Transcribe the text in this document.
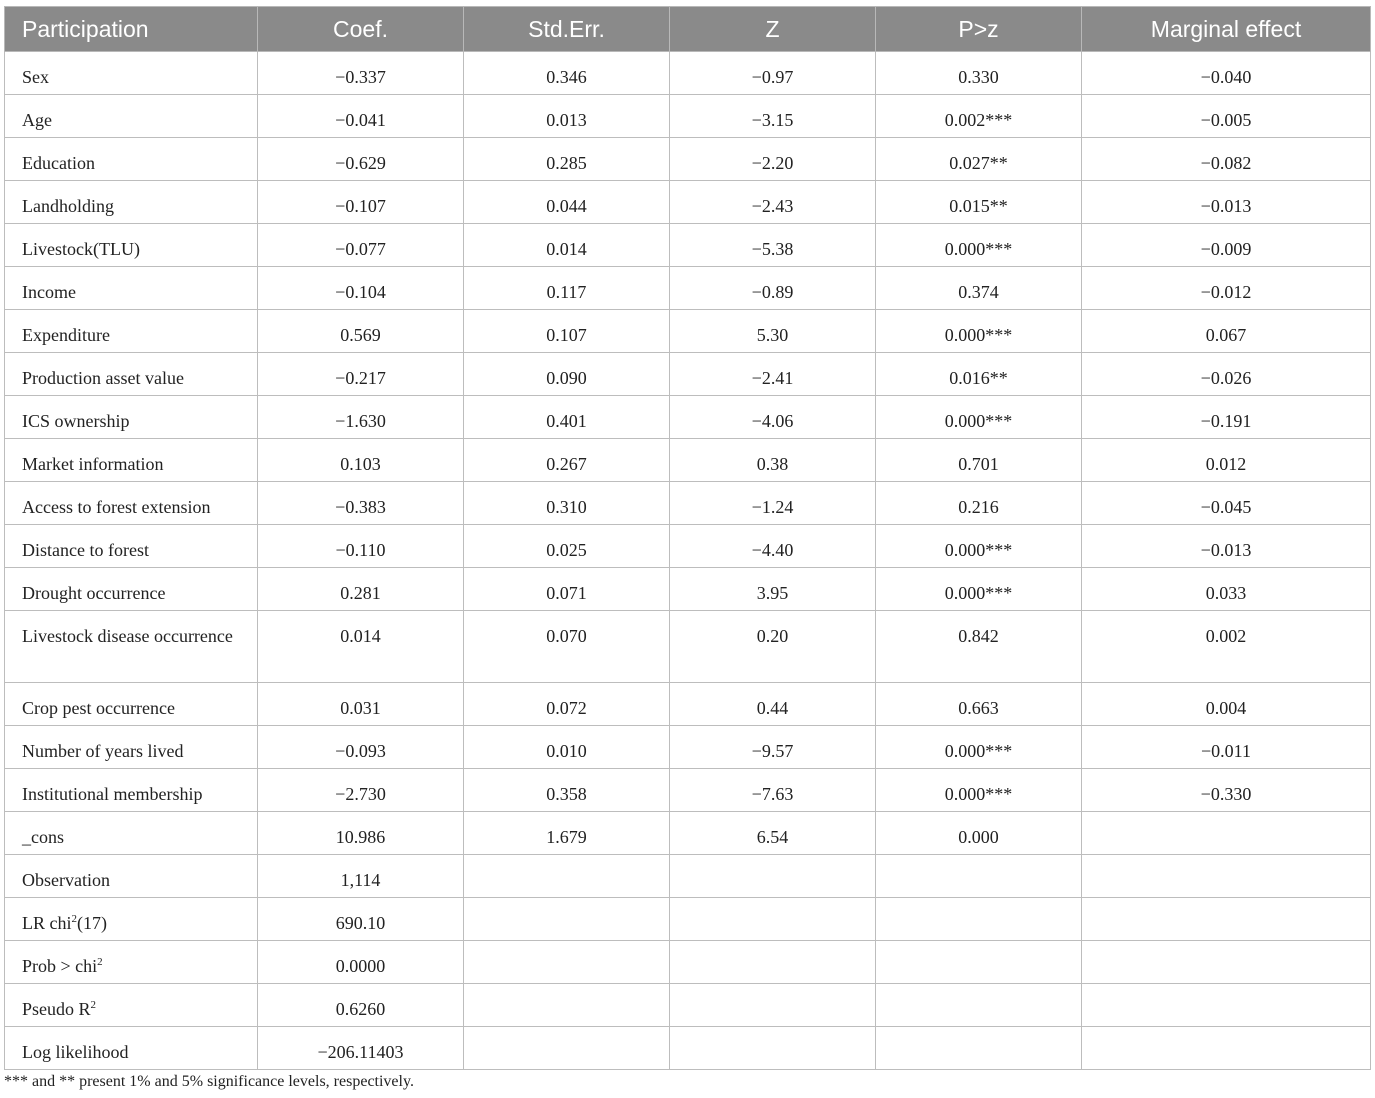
Participation	Coef.	Std.Err.	Z	P>z	Marginal effect
Sex	−0.337	0.346	−0.97	0.330	−0.040
Age	−0.041	0.013	−3.15	0.002***	−0.005
Education	−0.629	0.285	−2.20	0.027**	−0.082
Landholding	−0.107	0.044	−2.43	0.015**	−0.013
Livestock(TLU)	−0.077	0.014	−5.38	0.000***	−0.009
Income	−0.104	0.117	−0.89	0.374	−0.012
Expenditure	0.569	0.107	5.30	0.000***	0.067
Production asset value	−0.217	0.090	−2.41	0.016**	−0.026
ICS ownership	−1.630	0.401	−4.06	0.000***	−0.191
Market information	0.103	0.267	0.38	0.701	0.012
Access to forest extension	−0.383	0.310	−1.24	0.216	−0.045
Distance to forest	−0.110	0.025	−4.40	0.000***	−0.013
Drought occurrence	0.281	0.071	3.95	0.000***	0.033
Livestock disease occurrence	0.014	0.070	0.20	0.842	0.002
Crop pest occurrence	0.031	0.072	0.44	0.663	0.004
Number of years lived	−0.093	0.010	−9.57	0.000***	−0.011
Institutional membership	−2.730	0.358	−7.63	0.000***	−0.330
_cons	10.986	1.679	6.54	0.000	
Observation	1,114				
LR chi$^2$(17)	690.10				
Prob > chi$^2$	0.0000				
Pseudo $R^2$	0.6260				
Log likelihood	−206.11403				
*** and ** present 1% and 5% significance levels, respectively.
